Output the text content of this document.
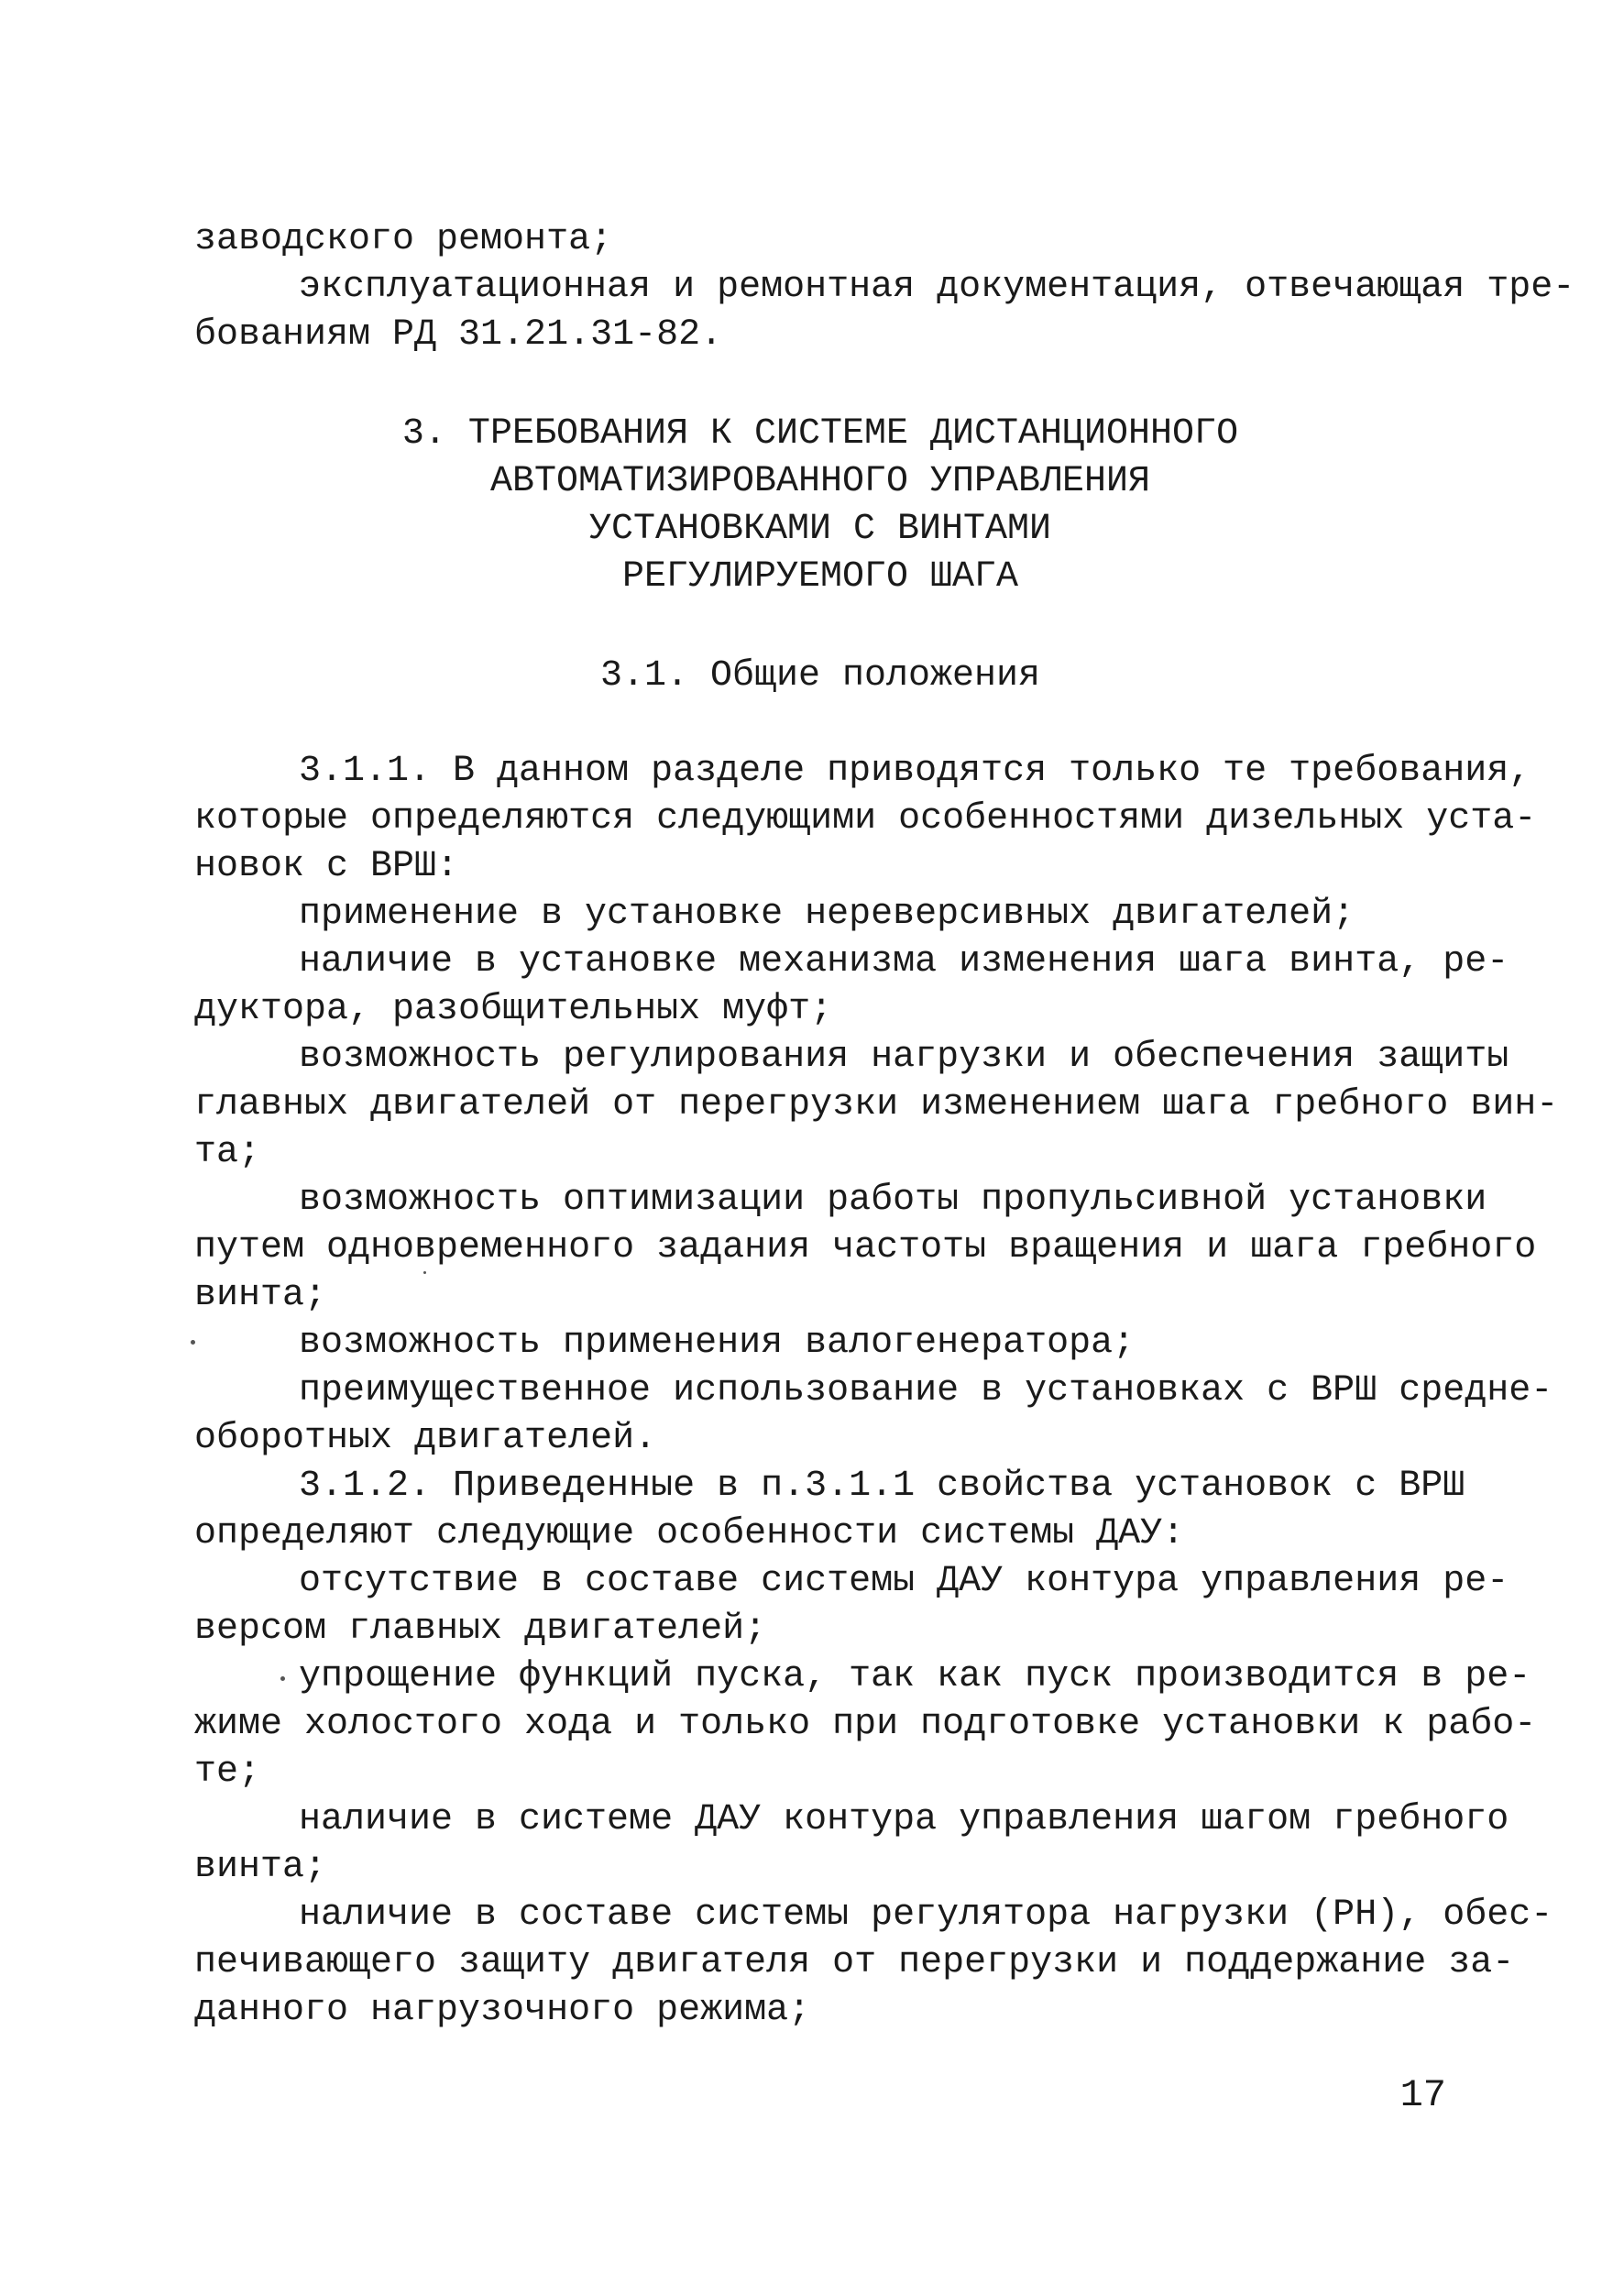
заводского ремонта;
эксплуатационная и ремонтная документация, отвечающая тре-
бованиям РД 31.21.31-82.
3. ТРЕБОВАНИЯ К СИСТЕМЕ ДИСТАНЦИОННОГО
АВТОМАТИЗИРОВАННОГО УПРАВЛЕНИЯ
УСТАНОВКАМИ С ВИНТАМИ
РЕГУЛИРУЕМОГО ШАГА
3.1. Общие положения
3.1.1. В данном разделе приводятся только те требования,
которые определяются следующими особенностями дизельных уста-
новок с ВРШ:
применение в установке нереверсивных двигателей;
наличие в установке механизма изменения шага винта, ре-
дуктора, разобщительных муфт;
возможность регулирования нагрузки и обеспечения защиты
главных двигателей от перегрузки изменением шага гребного вин-
та;
возможность оптимизации работы пропульсивной установки
путем одновременного задания частоты вращения и шага гребного
винта;
возможность применения валогенератора;
преимущественное использование в установках с ВРШ средне-
оборотных двигателей.
3.1.2. Приведенные в п.3.1.1 свойства установок с ВРШ
определяют следующие особенности системы ДАУ:
отсутствие в составе системы ДАУ контура управления ре-
версом главных двигателей;
упрощение функций пуска, так как пуск производится в ре-
жиме холостого хода и только при подготовке установки к рабо-
те;
наличие в системе ДАУ контура управления шагом гребного
винта;
наличие в составе системы регулятора нагрузки (РН), обес-
печивающего защиту двигателя от перегрузки и поддержание за-
данного нагрузочного режима;
17
